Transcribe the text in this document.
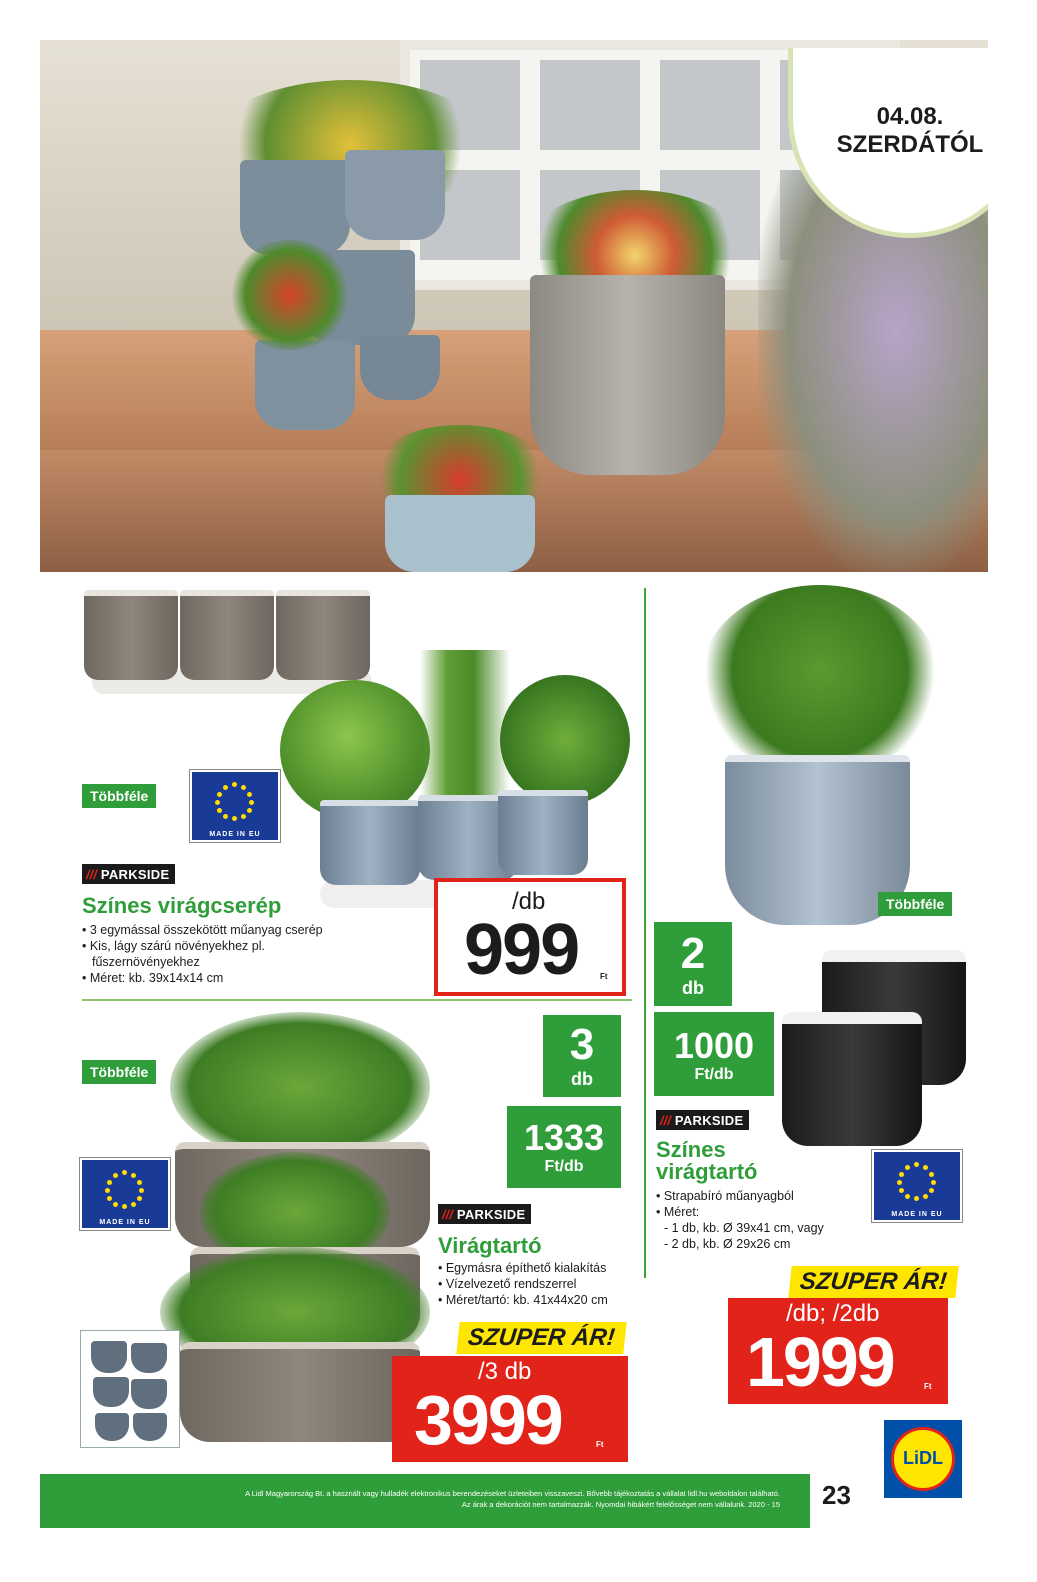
04.08.
SZERDÁTÓL
Többféle
MADE IN EU
/// PARKSIDE
Színes virágcserép
• 3 egymással összekötött műanyag cserép
• Kis, lágy szárú növényekhez pl.
fűszernövényekhez
• Méret: kb. 39x14x14 cm
/db
999	Ft
Többféle
MADE IN EU
3
db
1333
Ft/db
/// PARKSIDE
Virágtartó
• Egymásra építhető kialakítás
• Vízelvezető rendszerrel
• Méret/tartó: kb. 41x44x20 cm
SZUPER ÁR!
/3 db
3999	Ft
Többféle
2
db
1000
Ft/db
/// PARKSIDE
Színes
virágtartó
MADE IN EU
• Strapabíró műanyagból
• Méret:
- 1 db, kb. Ø 39x41 cm, vagy
- 2 db, kb. Ø 29x26 cm
SZUPER ÁR!
/db; /2db
1999	Ft
A Lidl Magyarország Bt. a használt vagy hulladék elektronikus berendezéseket üzleteiben visszaveszi. Bővebb tájékoztatás a vállalat lidl.hu weboldalon található.
Az árak a dekorációt nem tartalmazzák. Nyomdai hibákért felelősséget nem vállalunk. 2020 - 15 23
LiDL
